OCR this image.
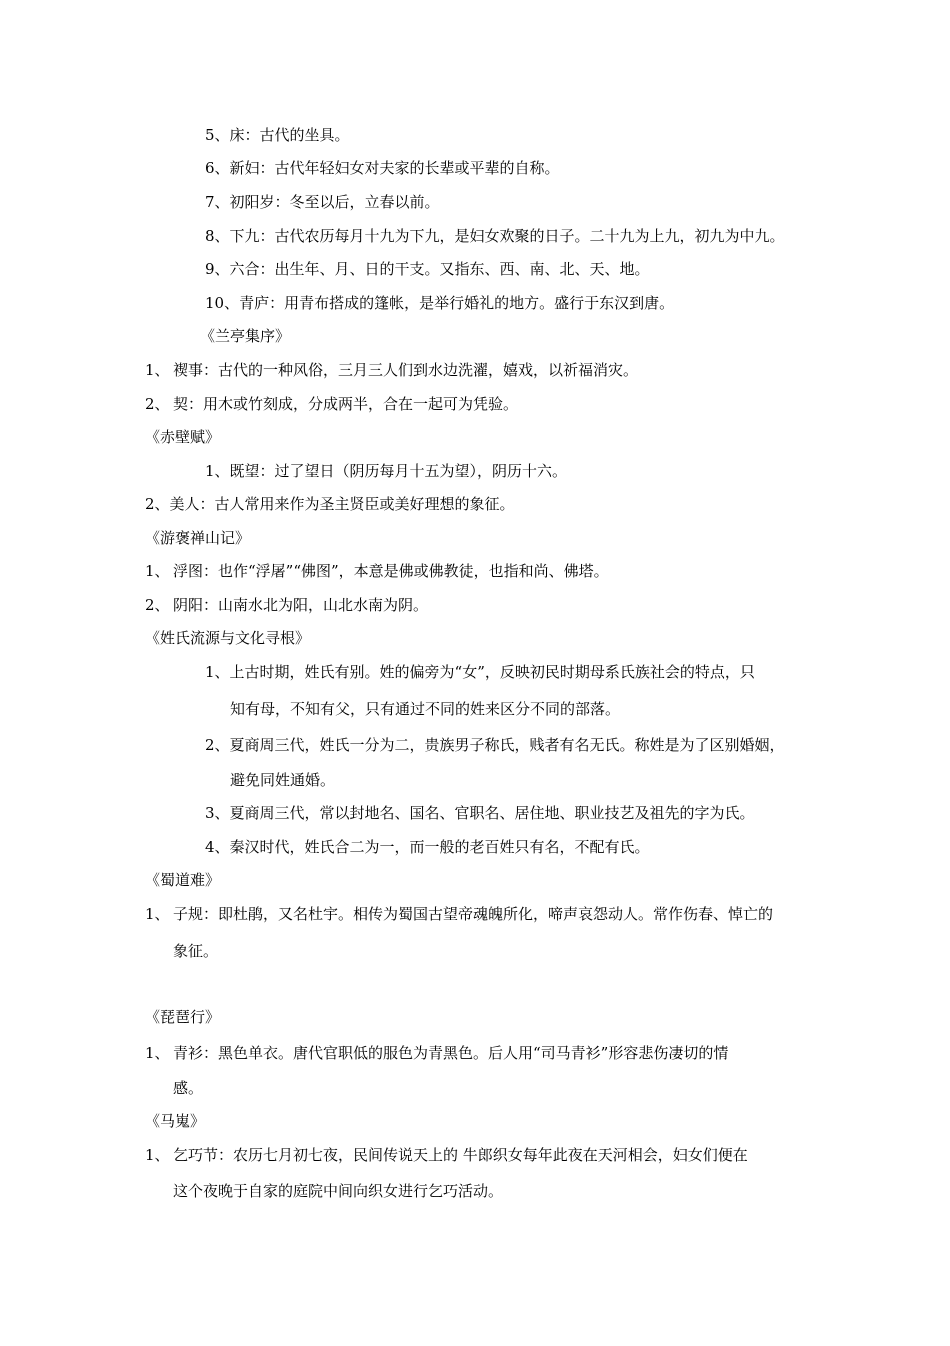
5、床：古代的坐具。
6、新妇：古代年轻妇女对夫家的长辈或平辈的自称。
7、初阳岁：冬至以后，立春以前。
8、下九：古代农历每月十九为下九，是妇女欢聚的日子。二十九为上九，初九为中九。
9、六合：出生年、月、日的干支。又指东、西、南、北、天、地。
10、青庐：用青布搭成的篷帐，是举行婚礼的地方。盛行于东汉到唐。
《兰亭集序》
1、 褉事：古代的一种风俗，三月三人们到水边洗濯，嬉戏，以祈福消灾。
2、 契：用木或竹刻成，分成两半，合在一起可为凭验。
《赤壁赋》
1、既望：过了望日（阴历每月十五为望），阴历十六。
2、美人：古人常用来作为圣主贤臣或美好理想的象征。
《游褒禅山记》
1、 浮图：也作“浮屠”“佛图”，本意是佛或佛教徒，也指和尚、佛塔。
2、 阴阳：山南水北为阳，山北水南为阴。
《姓氏流源与文化寻根》
1、上古时期，姓氏有别。姓的偏旁为“女”，反映初民时期母系氏族社会的特点，只
知有母，不知有父，只有通过不同的姓来区分不同的部落。
2、夏商周三代，姓氏一分为二，贵族男子称氏，贱者有名无氏。称姓是为了区别婚姻，
避免同姓通婚。
3、夏商周三代，常以封地名、国名、官职名、居住地、职业技艺及祖先的字为氏。
4、秦汉时代，姓氏合二为一，而一般的老百姓只有名，不配有氏。
《蜀道难》
1、 子规：即杜鹃，又名杜宇。相传为蜀国古望帝魂魄所化，啼声哀怨动人。常作伤春、悼亡的
象征。
《琵琶行》
1、 青衫：黑色单衣。唐代官职低的服色为青黑色。后人用“司马青衫”形容悲伤凄切的情
感。
《马嵬》
1、 乞巧节：农历七月初七夜，民间传说天上的 牛郎织女每年此夜在天河相会，妇女们便在
这个夜晚于自家的庭院中间向织女进行乞巧活动。
